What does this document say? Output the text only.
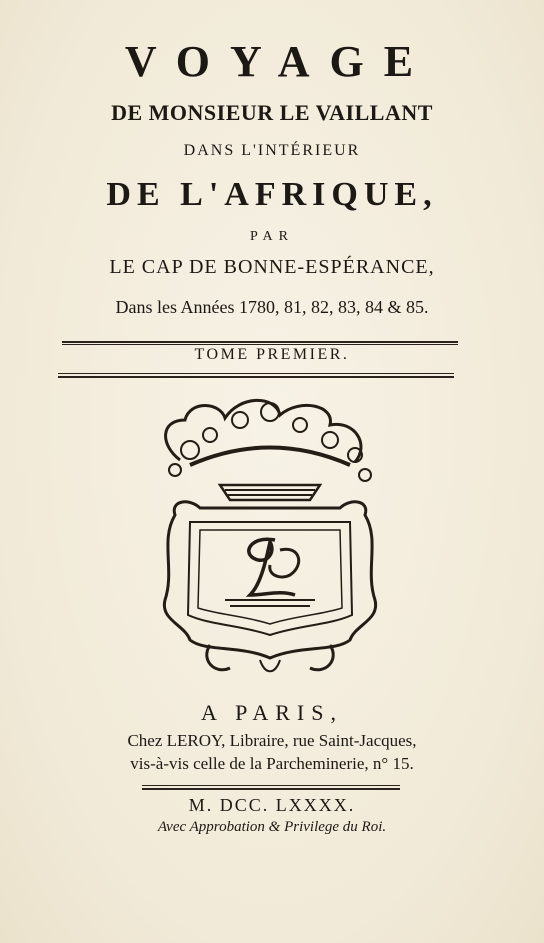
VOYAGE
DE MONSIEUR LE VAILLANT
DANS L'INTÉRIEUR
DE L'AFRIQUE,
PAR
LE CAP DE BONNE-ESPÉRANCE,
Dans les Années 1780, 81, 82, 83, 84 & 85.
TOME PREMIER.
A PARIS,
Chez LEROY, Libraire, rue Saint-Jacques,
vis-à-vis celle de la Parcheminerie, n° 15.
M. DCC. LXXXX.
Avec Approbation & Privilege du Roi.
